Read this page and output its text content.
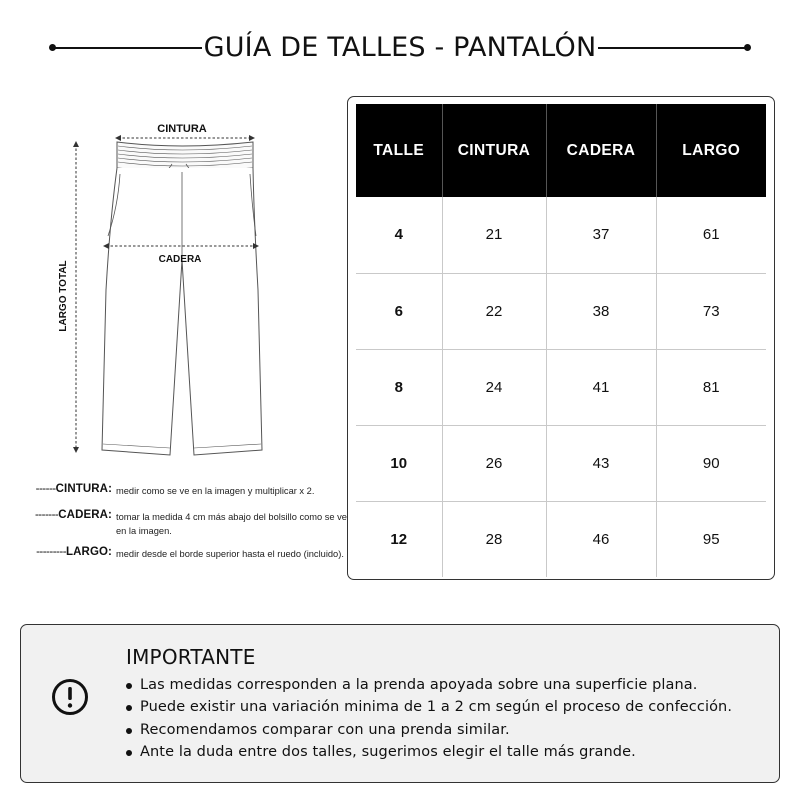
GUÍA DE TALLES - PANTALÓN
CINTURA
CADERA
LARGO TOTAL
------CINTURA: medir como se ve en la imagen y multiplicar x 2.
-------CADERA: tomar la medida 4 cm más abajo del bolsillo como se ve en la imagen.
---------LARGO: medir desde el borde superior hasta el ruedo (incluido).
TALLE	CINTURA	CADERA	LARGO
4	21	37	61
6	22	38	73
8	24	41	81
10	26	43	90
12	28	46	95
IMPORTANTE
Las medidas corresponden a la prenda apoyada sobre una superficie plana.
Puede existir una variación minima de 1 a 2 cm según el proceso de confección.
Recomendamos comparar con una prenda similar.
Ante la duda entre dos talles, sugerimos elegir el talle más grande.
